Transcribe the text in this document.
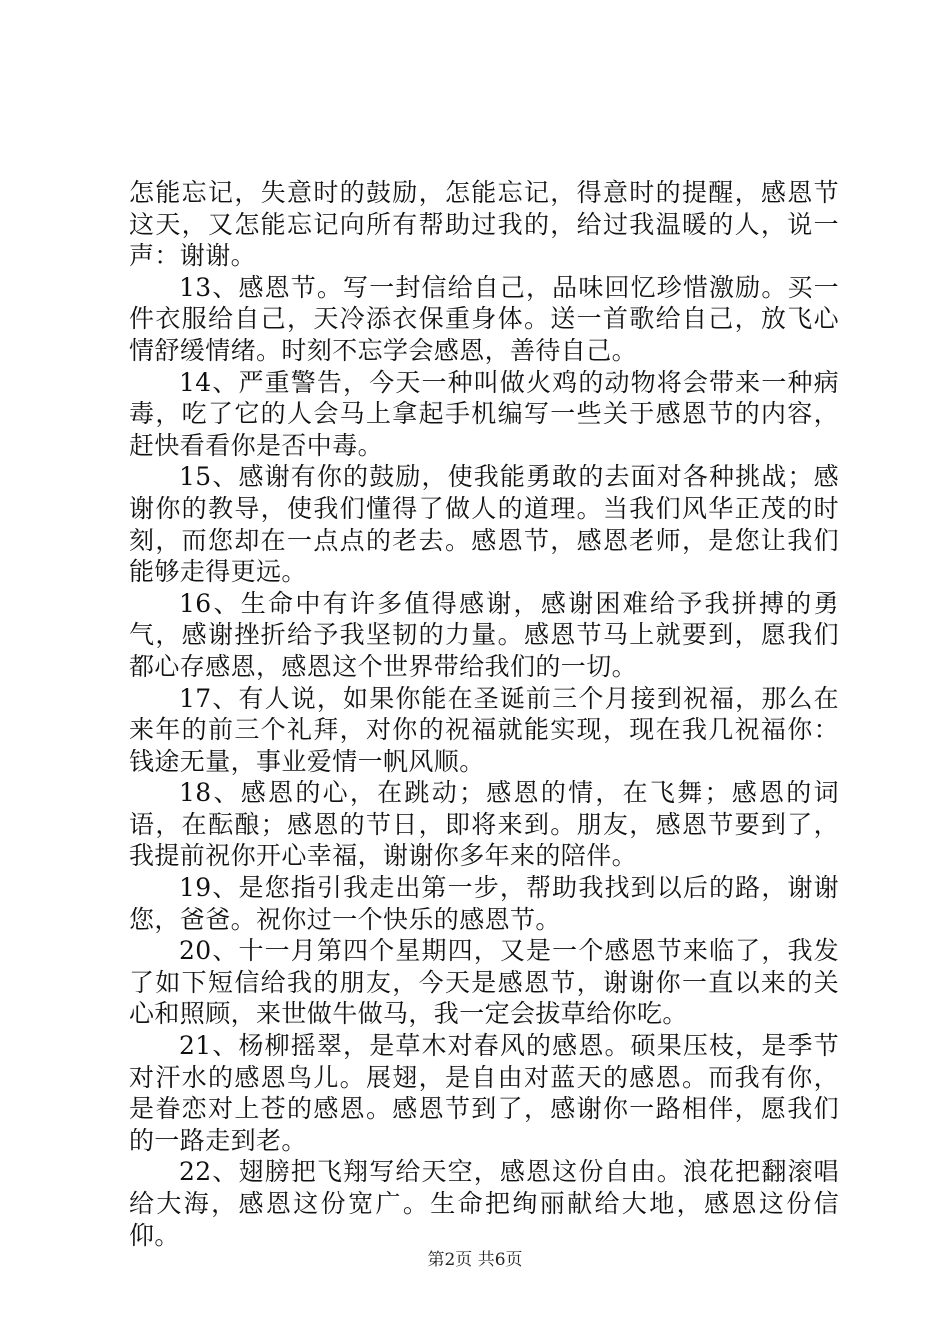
怎能忘记，失意时的鼓励，怎能忘记，得意时的提醒，感恩节这天，又怎能忘记向所有帮助过我的，给过我温暖的人，说一声：谢谢。

13、感恩节。写一封信给自己，品味回忆珍惜激励。买一件衣服给自己，天冷添衣保重身体。送一首歌给自己，放飞心情舒缓情绪。时刻不忘学会感恩，善待自己。

14、严重警告，今天一种叫做火鸡的动物将会带来一种病毒，吃了它的人会马上拿起手机编写一些关于感恩节的内容，赶快看看你是否中毒。

15、感谢有你的鼓励，使我能勇敢的去面对各种挑战；感谢你的教导，使我们懂得了做人的道理。当我们风华正茂的时刻，而您却在一点点的老去。感恩节，感恩老师，是您让我们能够走得更远。

16、生命中有许多值得感谢，感谢困难给予我拼搏的勇气，感谢挫折给予我坚韧的力量。感恩节马上就要到，愿我们都心存感恩，感恩这个世界带给我们的一切。

17、有人说，如果你能在圣诞前三个月接到祝福，那么在来年的前三个礼拜，对你的祝福就能实现，现在我几祝福你：钱途无量，事业爱情一帆风顺。

18、感恩的心，在跳动；感恩的情，在飞舞；感恩的词语，在酝酿；感恩的节日，即将来到。朋友，感恩节要到了，我提前祝你开心幸福，谢谢你多年来的陪伴。

19、是您指引我走出第一步，帮助我找到以后的路，谢谢您，爸爸。祝你过一个快乐的感恩节。

20、十一月第四个星期四，又是一个感恩节来临了，我发了如下短信给我的朋友，今天是感恩节，谢谢你一直以来的关心和照顾，来世做牛做马，我一定会拔草给你吃。

21、杨柳摇翠，是草木对春风的感恩。硕果压枝，是季节对汗水的感恩鸟儿。展翅，是自由对蓝天的感恩。而我有你，是眷恋对上苍的感恩。感恩节到了，感谢你一路相伴，愿我们的一路走到老。

22、翅膀把飞翔写给天空，感恩这份自由。浪花把翻滚唱给大海，感恩这份宽广。生命把绚丽献给大地，感恩这份信仰。

第2页 共6页
